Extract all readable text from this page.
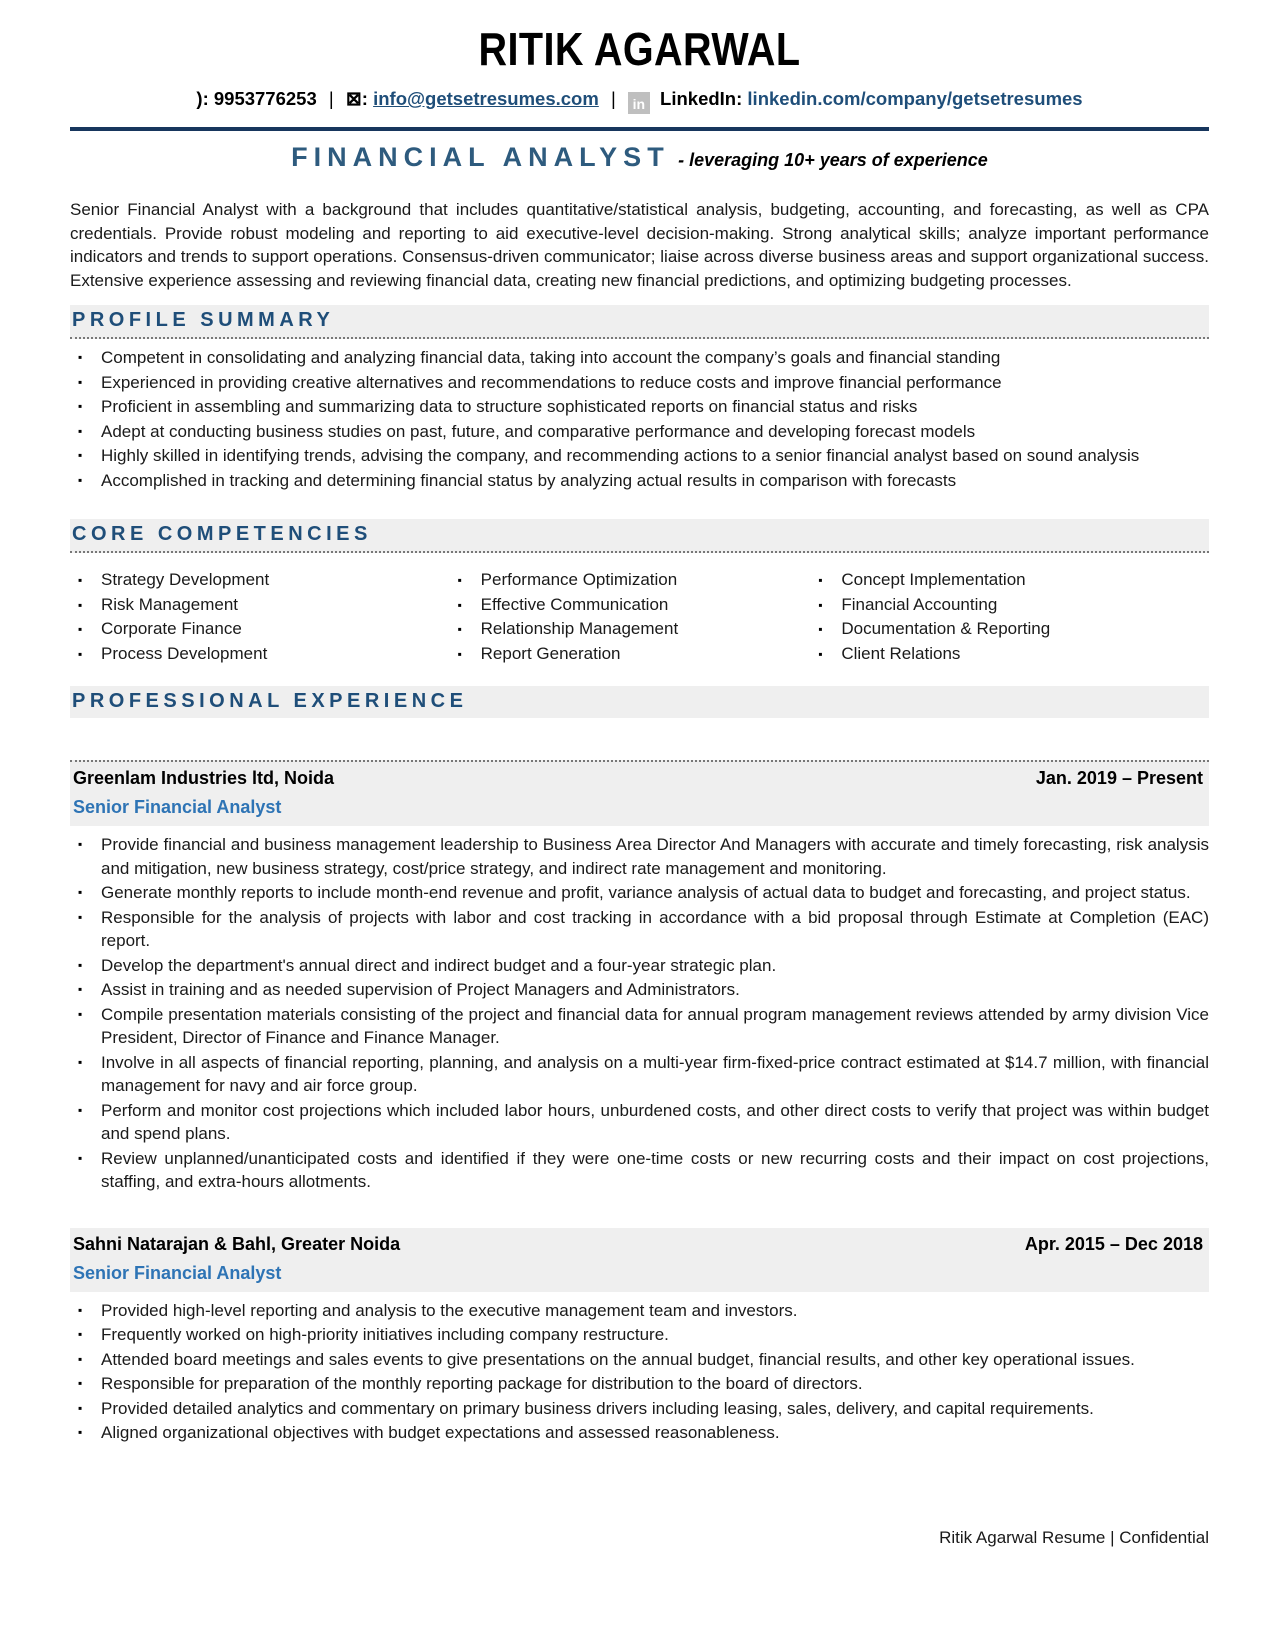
RITIK AGARWAL
): 9953776253 | ⊠: info@getsetresumes.com | in LinkedIn: linkedin.com/company/getsetresumes
FINANCIAL ANALYST - leveraging 10+ years of experience

Senior Financial Analyst with a background that includes quantitative/statistical analysis, budgeting, accounting, and forecasting, as well as CPA credentials. Provide robust modeling and reporting to aid executive-level decision-making. Strong analytical skills; analyze important performance indicators and trends to support operations. Consensus-driven communicator; liaise across diverse business areas and support organizational success. Extensive experience assessing and reviewing financial data, creating new financial predictions, and optimizing budgeting processes.

PROFILE SUMMARY
▪ Competent in consolidating and analyzing financial data, taking into account the company’s goals and financial standing
▪ Experienced in providing creative alternatives and recommendations to reduce costs and improve financial performance
▪ Proficient in assembling and summarizing data to structure sophisticated reports on financial status and risks
▪ Adept at conducting business studies on past, future, and comparative performance and developing forecast models
▪ Highly skilled in identifying trends, advising the company, and recommending actions to a senior financial analyst based on sound analysis
▪ Accomplished in tracking and determining financial status by analyzing actual results in comparison with forecasts
CORE COMPETENCIES
▪ Strategy Development
▪ Risk Management
▪ Corporate Finance
▪ Process Development
▪ Performance Optimization
▪ Effective Communication
▪ Relationship Management
▪ Report Generation
▪ Concept Implementation
▪ Financial Accounting
▪ Documentation & Reporting
▪ Client Relations
PROFESSIONAL EXPERIENCE
Greenlam Industries ltd, Noida	Jan. 2019 – Present
Senior Financial Analyst
▪ Provide financial and business management leadership to Business Area Director And Managers with accurate and timely forecasting, risk analysis and mitigation, new business strategy, cost/price strategy, and indirect rate management and monitoring.
▪ Generate monthly reports to include month-end revenue and profit, variance analysis of actual data to budget and forecasting, and project status.
▪ Responsible for the analysis of projects with labor and cost tracking in accordance with a bid proposal through Estimate at Completion (EAC) report.
▪ Develop the department's annual direct and indirect budget and a four-year strategic plan.
▪ Assist in training and as needed supervision of Project Managers and Administrators.
▪ Compile presentation materials consisting of the project and financial data for annual program management reviews attended by army division Vice President, Director of Finance and Finance Manager.
▪ Involve in all aspects of financial reporting, planning, and analysis on a multi-year firm-fixed-price contract estimated at $14.7 million, with financial management for navy and air force group.
▪ Perform and monitor cost projections which included labor hours, unburdened costs, and other direct costs to verify that project was within budget and spend plans.
▪ Review unplanned/unanticipated costs and identified if they were one-time costs or new recurring costs and their impact on cost projections, staffing, and extra-hours allotments.
Sahni Natarajan & Bahl, Greater Noida	Apr. 2015 – Dec 2018
Senior Financial Analyst
▪ Provided high-level reporting and analysis to the executive management team and investors.
▪ Frequently worked on high-priority initiatives including company restructure.
▪ Attended board meetings and sales events to give presentations on the annual budget, financial results, and other key operational issues.
▪ Responsible for preparation of the monthly reporting package for distribution to the board of directors.
▪ Provided detailed analytics and commentary on primary business drivers including leasing, sales, delivery, and capital requirements.
▪ Aligned organizational objectives with budget expectations and assessed reasonableness.
Ritik Agarwal Resume | Confidential
